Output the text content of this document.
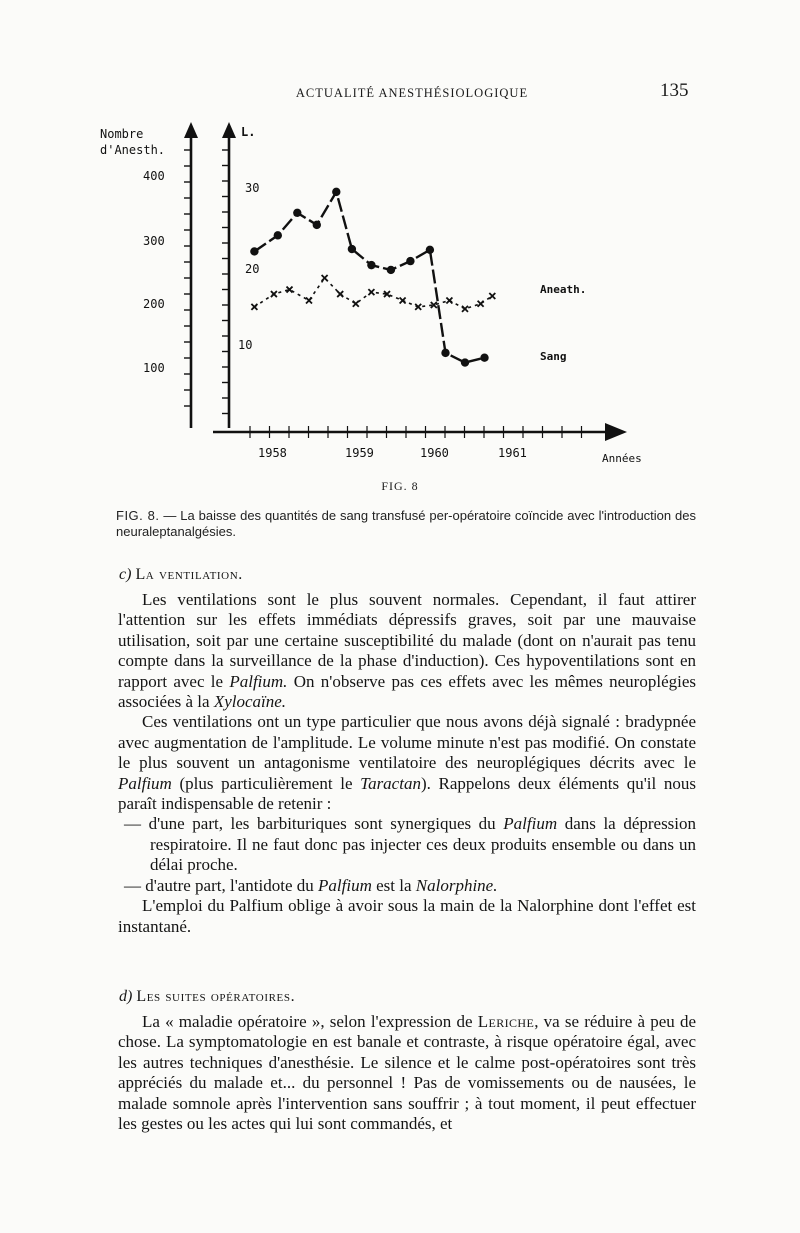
ACTUALITÉ ANESTHÉSIOLOGIQUE	135
Nombre
d'Anesth.
L.
400
300
200
100
30
20
10
1958	1959	1960	1961	Années
Aneath.
Sang
FIG. 8
FIG. 8. — La baisse des quantités de sang transfusé per-opératoire coïncide avec l'introduction des neuraleptanalgésies.
c) La ventilation.

Les ventilations sont le plus souvent normales. Cependant, il faut attirer l'attention sur les effets immédiats dépressifs graves, soit par une mauvaise utilisation, soit par une certaine susceptibilité du malade (dont on n'aurait pas tenu compte dans la surveillance de la phase d'induction). Ces hypoventilations sont en rapport avec le Palfium. On n'observe pas ces effets avec les mêmes neuroplégies associées à la Xylocaïne.

Ces ventilations ont un type particulier que nous avons déjà signalé : bradypnée avec augmentation de l'amplitude. Le volume minute n'est pas modifié. On constate le plus souvent un antagonisme ventilatoire des neuroplégiques décrits avec le Palfium (plus particulièrement le Taractan). Rappelons deux éléments qu'il nous paraît indispensable de retenir :

— d'une part, les barbituriques sont synergiques du Palfium dans la dépression respiratoire. Il ne faut donc pas injecter ces deux produits ensemble ou dans un délai proche.

— d'autre part, l'antidote du Palfium est la Nalorphine.

L'emploi du Palfium oblige à avoir sous la main de la Nalorphine dont l'effet est instantané.

d) Les suites opératoires.

La « maladie opératoire », selon l'expression de Leriche, va se réduire à peu de chose. La symptomatologie en est banale et contraste, à risque opératoire égal, avec les autres techniques d'anesthésie. Le silence et le calme post-opératoires sont très appréciés du malade et... du personnel ! Pas de vomissements ou de nausées, le malade somnole après l'intervention sans souffrir ; à tout moment, il peut effectuer les gestes ou les actes qui lui sont commandés, et
